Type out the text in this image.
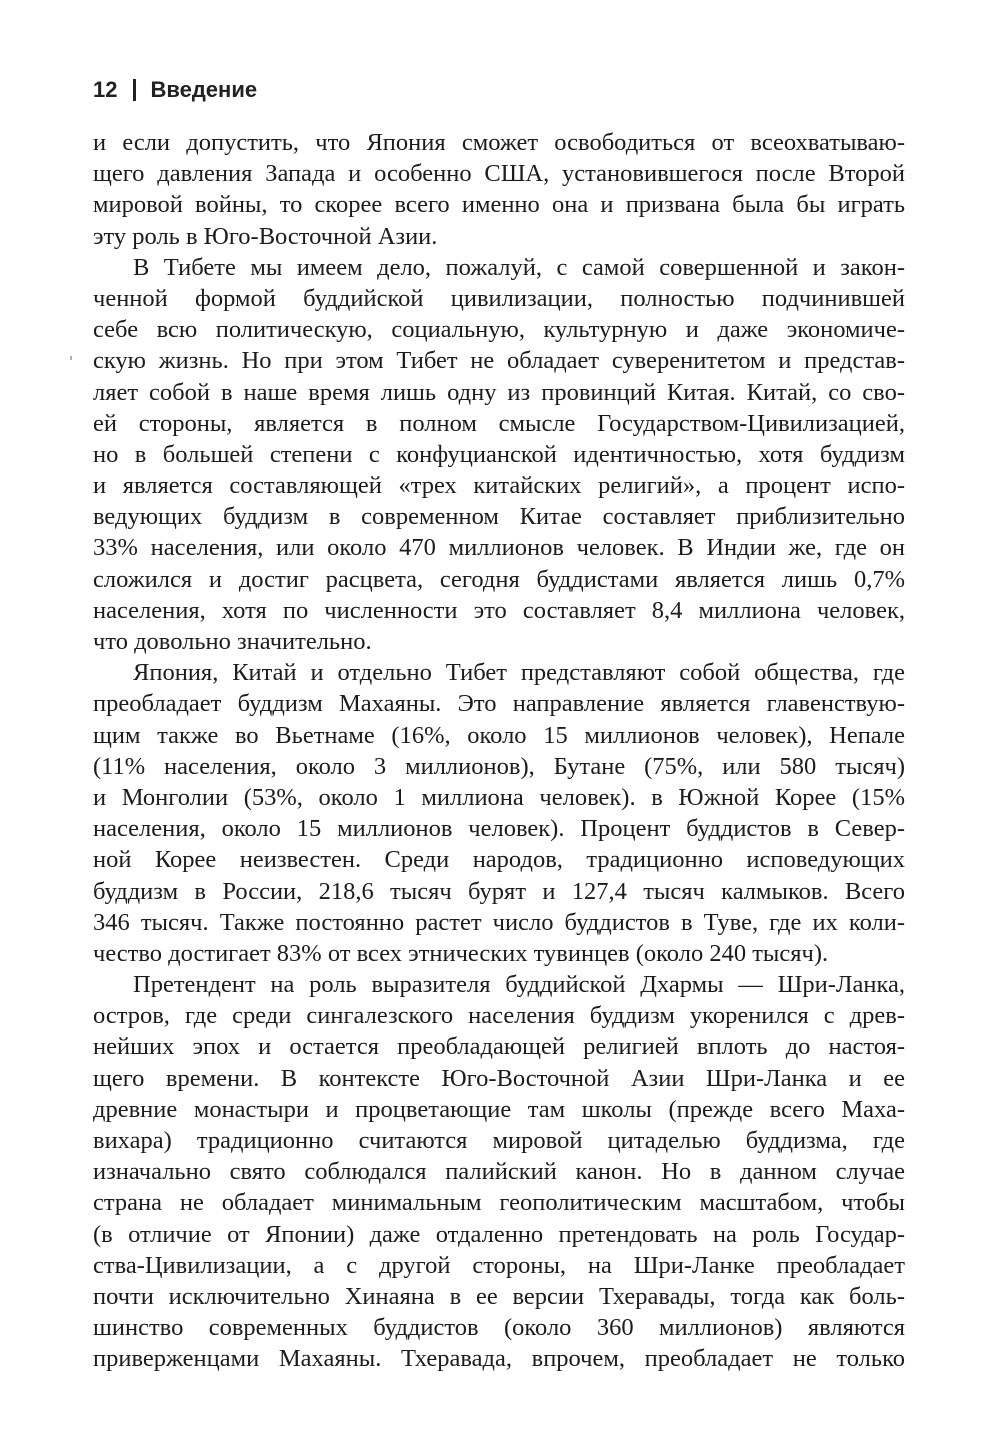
12 Введение
и если допустить, что Япония сможет освободиться от всеохватываю-
щего давления Запада и особенно США, установившегося после Второй
мировой войны, то скорее всего именно она и призвана была бы играть
эту роль в Юго-Восточной Азии.
В Тибете мы имеем дело, пожалуй, с самой совершенной и закон-
ченной формой буддийской цивилизации, полностью подчинившей
себе всю политическую, социальную, культурную и даже экономиче-
скую жизнь. Но при этом Тибет не обладает суверенитетом и представ-
ляет собой в наше время лишь одну из провинций Китая. Китай, со сво-
ей стороны, является в полном смысле Государством-Цивилизацией,
но в большей степени с конфуцианской идентичностью, хотя буддизм
и является составляющей «трех китайских религий», а процент испо-
ведующих буддизм в современном Китае составляет приблизительно
33% населения, или около 470 миллионов человек. В Индии же, где он
сложился и достиг расцвета, сегодня буддистами является лишь 0,7%
населения, хотя по численности это составляет 8,4 миллиона человек,
что довольно значительно.
Япония, Китай и отдельно Тибет представляют собой общества, где
преобладает буддизм Махаяны. Это направление является главенствую-
щим также во Вьетнаме (16%, около 15 миллионов человек), Непале
(11% населения, около 3 миллионов), Бутане (75%, или 580 тысяч)
и Монголии (53%, около 1 миллиона человек). в Южной Корее (15%
населения, около 15 миллионов человек). Процент буддистов в Север-
ной Корее неизвестен. Среди народов, традиционно исповедующих
буддизм в России, 218,6 тысяч бурят и 127,4 тысяч калмыков. Всего
346 тысяч. Также постоянно растет число буддистов в Туве, где их коли-
чество достигает 83% от всех этнических тувинцев (около 240 тысяч).
Претендент на роль выразителя буддийской Дхармы — Шри-Ланка,
остров, где среди сингалезского населения буддизм укоренился с древ-
нейших эпох и остается преобладающей религией вплоть до настоя-
щего времени. В контексте Юго-Восточной Азии Шри-Ланка и ее
древние монастыри и процветающие там школы (прежде всего Маха-
вихара) традиционно считаются мировой цитаделью буддизма, где
изначально свято соблюдался палийский канон. Но в данном случае
страна не обладает минимальным геополитическим масштабом, чтобы
(в отличие от Японии) даже отдаленно претендовать на роль Государ-
ства-Цивилизации, а с другой стороны, на Шри-Ланке преобладает
почти исключительно Хинаяна в ее версии Тхеравады, тогда как боль-
шинство современных буддистов (около 360 миллионов) являются
приверженцами Махаяны. Тхеравада, впрочем, преобладает не только
